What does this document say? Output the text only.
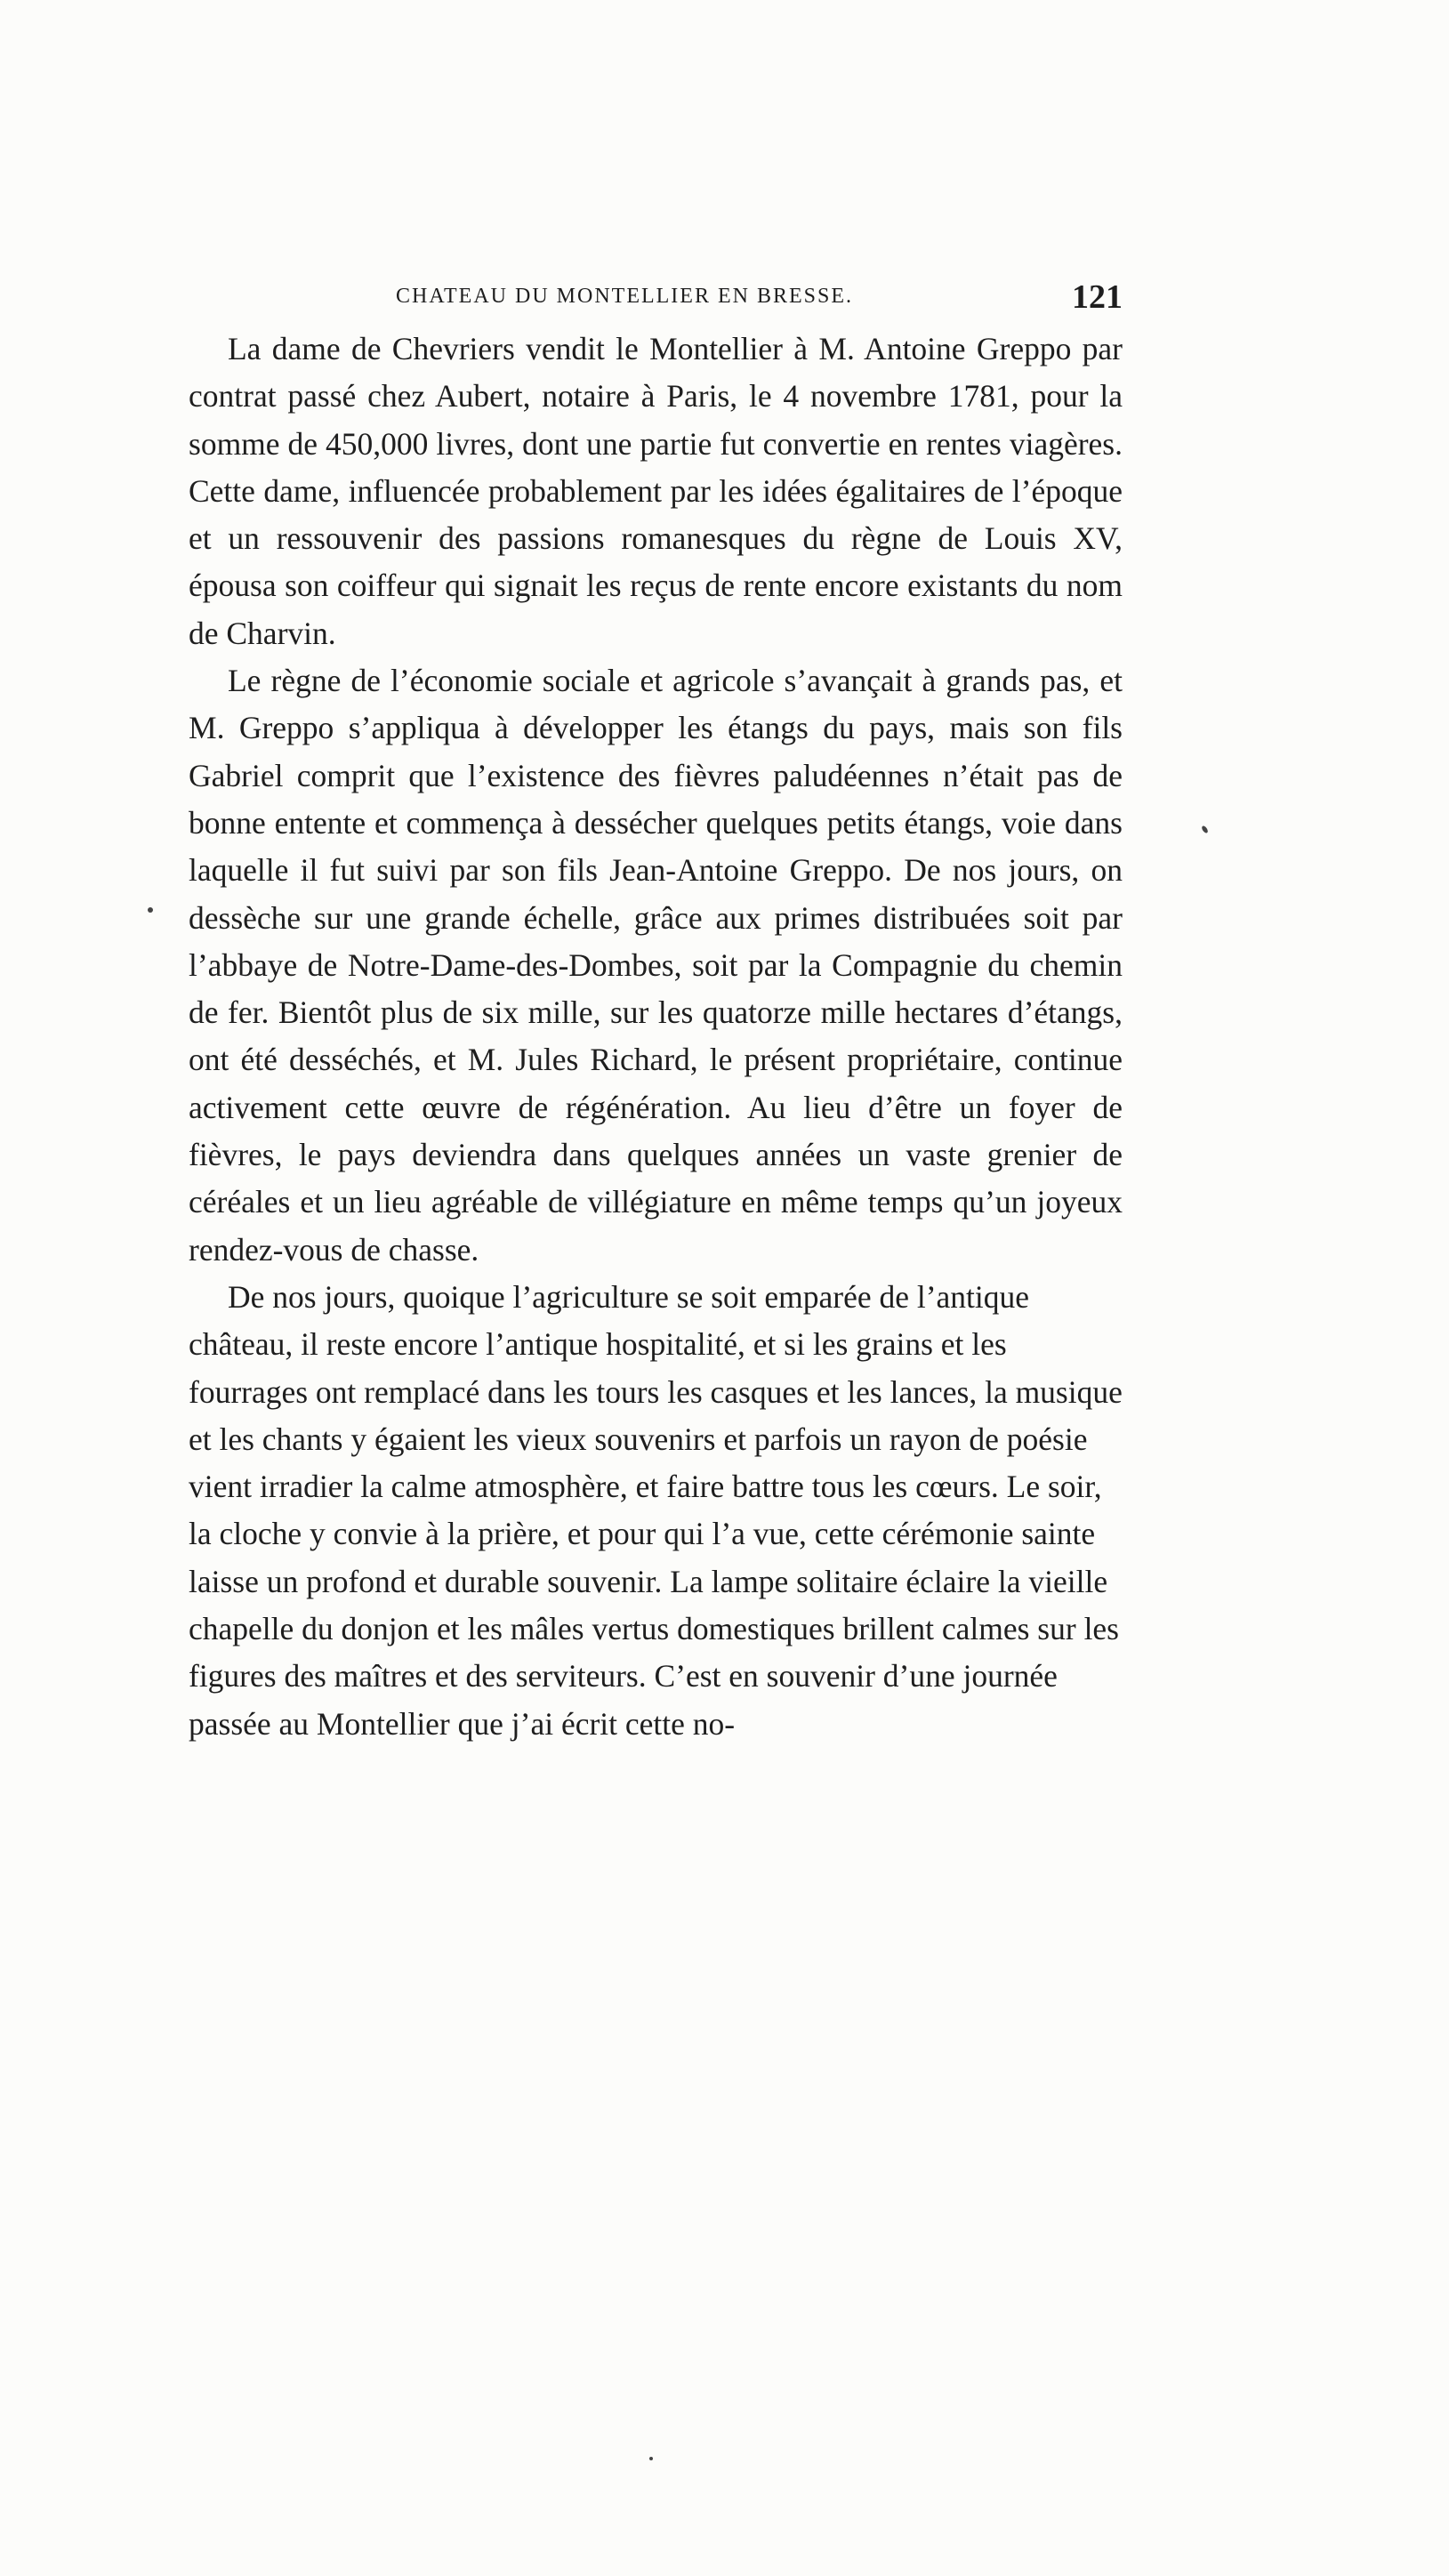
CHATEAU DU MONTELLIER EN BRESSE.	121

La dame de Chevriers vendit le Montellier à M. Antoine Greppo par contrat passé chez Aubert, notaire à Paris, le 4 novembre 1781, pour la somme de 450,000 livres, dont une partie fut convertie en rentes viagères. Cette dame, influencée probablement par les idées égalitaires de l’époque et un ressouvenir des passions romanesques du règne de Louis XV, épousa son coiffeur qui signait les reçus de rente encore existants du nom de Charvin.

Le règne de l’économie sociale et agricole s’avançait à grands pas, et M. Greppo s’appliqua à développer les étangs du pays, mais son fils Gabriel comprit que l’existence des fièvres paludéennes n’était pas de bonne entente et commença à dessécher quelques petits étangs, voie dans laquelle il fut suivi par son fils Jean-Antoine Greppo. De nos jours, on dessèche sur une grande échelle, grâce aux primes distribuées soit par l’abbaye de Notre-Dame-des-Dombes, soit par la Compagnie du chemin de fer. Bientôt plus de six mille, sur les quatorze mille hectares d’étangs, ont été desséchés, et M. Jules Richard, le présent propriétaire, continue activement cette œuvre de régénération. Au lieu d’être un foyer de fièvres, le pays deviendra dans quelques années un vaste grenier de céréales et un lieu agréable de villégiature en même temps qu’un joyeux rendez-vous de chasse.

De nos jours, quoique l’agriculture se soit emparée de l’antique château, il reste encore l’antique hospitalité, et si les grains et les fourrages ont remplacé dans les tours les casques et les lances, la musique et les chants y égaient les vieux souvenirs et parfois un rayon de poésie vient irradier la calme atmosphère, et faire battre tous les cœurs. Le soir, la cloche y convie à la prière, et pour qui l’a vue, cette cérémonie sainte laisse un profond et durable souvenir. La lampe solitaire éclaire la vieille chapelle du donjon et les mâles vertus domestiques brillent calmes sur les figures des maîtres et des serviteurs. C’est en souvenir d’une journée passée au Montellier que j’ai écrit cette no-
